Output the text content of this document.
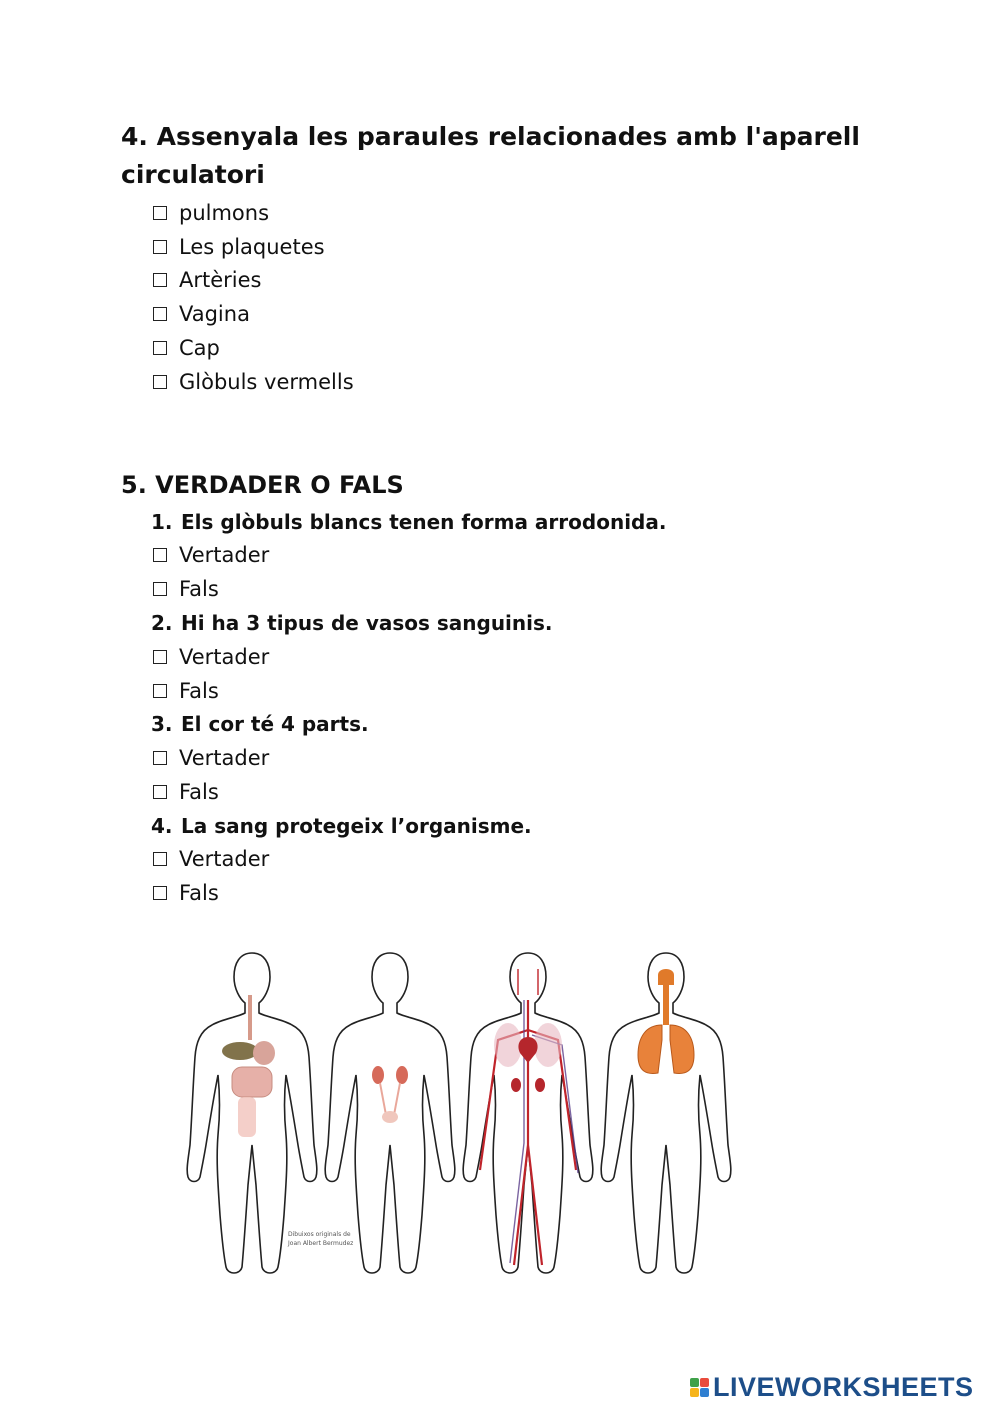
4. Assenyala les paraules relacionades amb l'aparell circulatori
pulmons
Les plaquetes
Artèries
Vagina
Cap
Glòbuls vermells
5. VERDADER O FALS
1. Els glòbuls blancs tenen forma arrodonida.
Vertader
Fals
2. Hi ha 3 tipus de vasos sanguinis.
Vertader
Fals
3. El cor té 4 parts.
Vertader
Fals
4. La sang protegeix l’organisme.
Vertader
Fals
Dibuixos originals de Joan Albert Bermudez
LIVEWORKSHEETS
